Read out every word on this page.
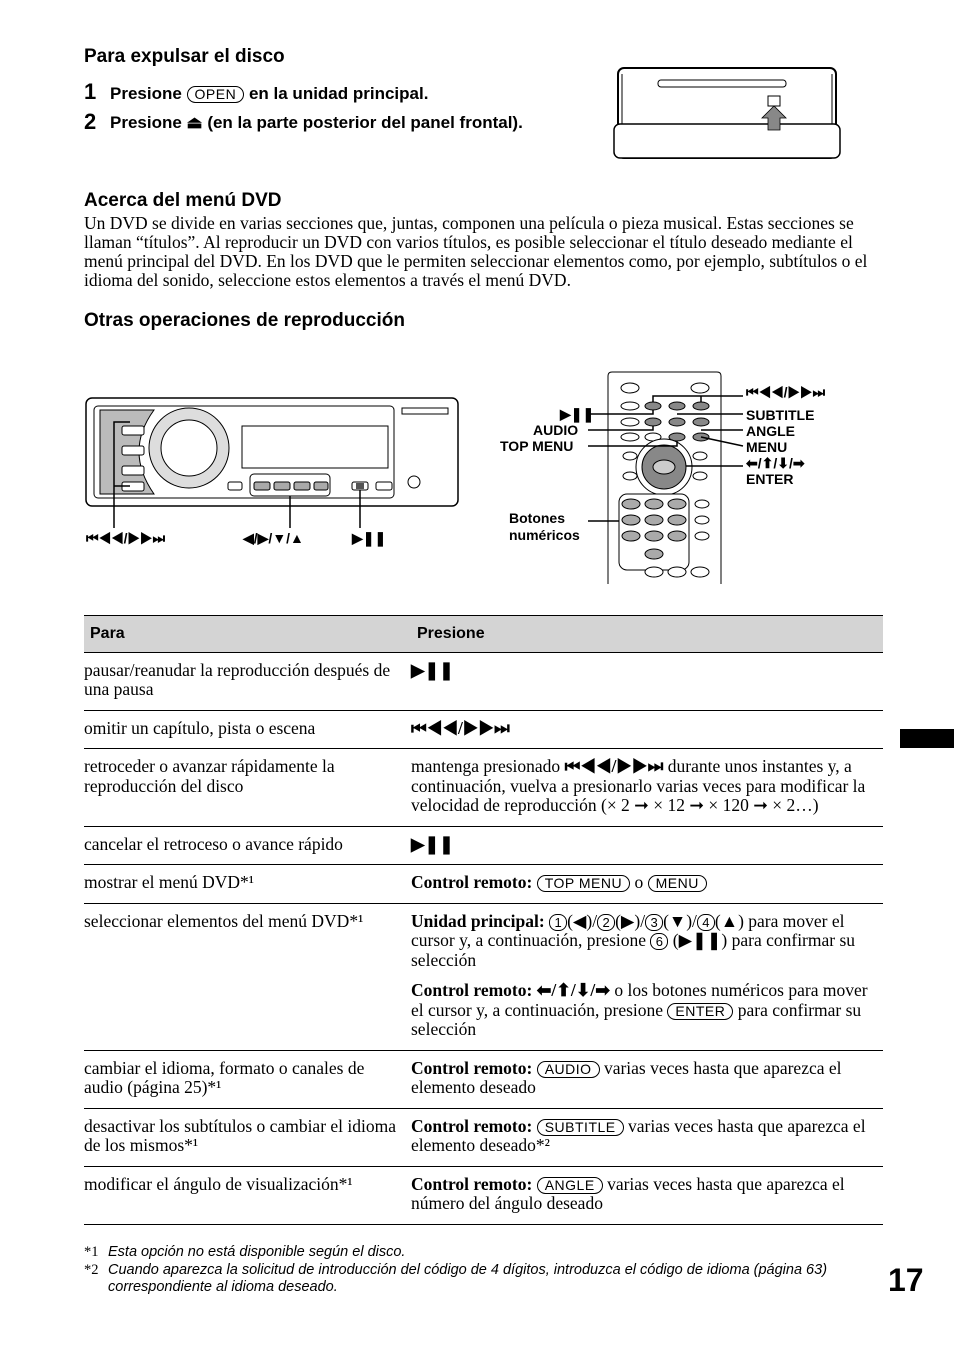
Para expulsar el disco
1 Presione OPEN en la unidad principal.
2 Presione ⏏ (en la parte posterior del panel frontal).
Acerca del menú DVD
Un DVD se divide en varias secciones que, juntas, componen una película o pieza musical. Estas secciones se llaman “títulos”. Al reproducir un DVD con varios títulos, es posible seleccionar el título deseado mediante el menú principal del DVD. En los DVD que le permiten seleccionar elementos como, por ejemplo, subtítulos o el idioma del sonido, seleccione estos elementos a través el menú DVD.
Otras operaciones de reproducción
⏮◀◀/▶▶⏭	◀/▶/▼/▲	▶❚❚
▶❚❚
AUDIO
TOP MENU
⏮◀◀/▶▶⏭
SUBTITLE
ANGLE
MENU
⬅/⬆/⬇/➡
ENTER
Botones
numéricos
Para	Presione
pausar/reanudar la reproducción después de una pausa	▶❚❚
omitir un capítulo, pista o escena	⏮◀◀/▶▶⏭
retroceder o avanzar rápidamente la reproducción del disco	mantenga presionado ⏮◀◀/▶▶⏭ durante unos instantes y, a continuación, vuelva a presionarlo varias veces para modificar la velocidad de reproducción (× 2 ➞ × 12 ➞ × 120 ➞ × 2…)
cancelar el retroceso o avance rápido	▶❚❚
mostrar el menú DVD*¹	Control remoto: TOP MENU o MENU
seleccionar elementos del menú DVD*¹	Unidad principal: 1 (◀)/ 2 (▶)/ 3 (▼)/ 4 (▲) para mover el cursor y, a continuación, presione 6 (▶❚❚) para confirmar su selección

Control remoto: ⬅/⬆/⬇/➡ o los botones numéricos para mover el cursor y, a continuación, presione ENTER para confirmar su selección

cambiar el idioma, formato o canales de audio (página 25)*¹	Control remoto: AUDIO varias veces hasta que aparezca el elemento deseado
desactivar los subtítulos o cambiar el idioma de los mismos*¹	Control remoto: SUBTITLE varias veces hasta que aparezca el elemento deseado*²
modificar el ángulo de visualización*¹	Control remoto: ANGLE varias veces hasta que aparezca el número del ángulo deseado
*1 Esta opción no está disponible según el disco.
*2 Cuando aparezca la solicitud de introducción del código de 4 dígitos, introduzca el código de idioma (página 63) correspondiente al idioma deseado.	17
